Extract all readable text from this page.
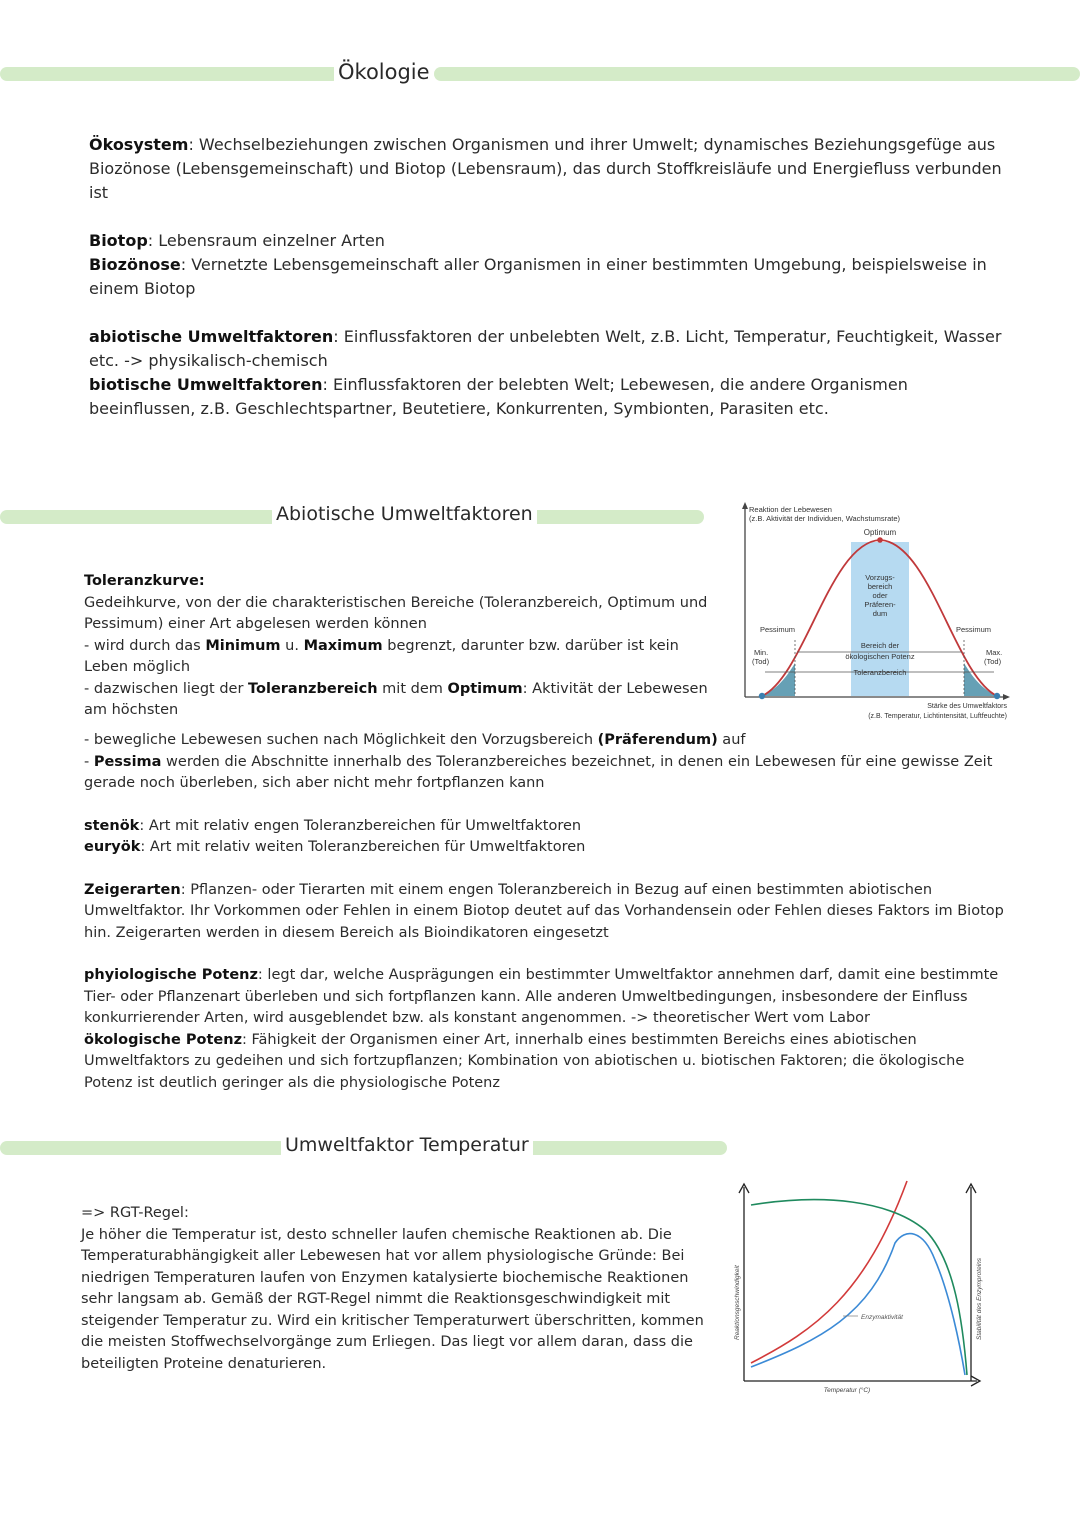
Ökologie

Ökosystem: Wechselbeziehungen zwischen Organismen und ihrer Umwelt; dynamisches Beziehungsgefüge aus Biozönose (Lebensgemeinschaft) und Biotop (Lebensraum), das durch Stoffkreisläufe und Energiefluss verbunden ist

Biotop: Lebensraum einzelner Arten

Biozönose: Vernetzte Lebensgemeinschaft aller Organismen in einer bestimmten Umgebung, beispielsweise in einem Biotop

abiotische Umweltfaktoren: Einflussfaktoren der unbelebten Welt, z.B. Licht, Temperatur, Feuchtigkeit, Wasser etc. -> physikalisch-chemisch

biotische Umweltfaktoren: Einflussfaktoren der belebten Welt; Lebewesen, die andere Organismen beeinflussen, z.B. Geschlechtspartner, Beutetiere, Konkurrenten, Symbionten, Parasiten etc.

Abiotische Umweltfaktoren

Toleranzkurve:

Gedeihkurve, von der die charakteristischen Bereiche (Toleranzbereich, Optimum und Pessimum) einer Art abgelesen werden können

- wird durch das Minimum u. Maximum begrenzt, darunter bzw. darüber ist kein Leben möglich

- dazwischen liegt der Toleranzbereich mit dem Optimum: Aktivität der Lebewesen am höchsten

- bewegliche Lebewesen suchen nach Möglichkeit den Vorzugsbereich (Präferendum) auf

- Pessima werden die Abschnitte innerhalb des Toleranzbereiches bezeichnet, in denen ein Lebewesen für eine gewisse Zeit gerade noch überleben, sich aber nicht mehr fortpflanzen kann

stenök: Art mit relativ engen Toleranzbereichen für Umweltfaktoren

euryök: Art mit relativ weiten Toleranzbereichen für Umweltfaktoren

Zeigerarten: Pflanzen- oder Tierarten mit einem engen Toleranzbereich in Bezug auf einen bestimmten abiotischen Umweltfaktor. Ihr Vorkommen oder Fehlen in einem Biotop deutet auf das Vorhandensein oder Fehlen dieses Faktors im Biotop hin. Zeigerarten werden in diesem Bereich als Bioindikatoren eingesetzt

phyiologische Potenz: legt dar, welche Ausprägungen ein bestimmter Umweltfaktor annehmen darf, damit eine bestimmte Tier- oder Pflanzenart überleben und sich fortpflanzen kann. Alle anderen Umweltbedingungen, insbesondere der Einfluss konkurrierender Arten, wird ausgeblendet bzw. als konstant angenommen. -> theoretischer Wert vom Labor

ökologische Potenz: Fähigkeit der Organismen einer Art, innerhalb eines bestimmten Bereichs eines abiotischen Umweltfaktors zu gedeihen und sich fortzupflanzen; Kombination von abiotischen u. biotischen Faktoren; die ökologische Potenz ist deutlich geringer als die physiologische Potenz

Reaktion der Lebewesen
(z.B. Aktivität der Individuen, Wachstumsrate)
Optimum
Vorzugs-
bereich
oder
Präferen-
dum
Pessimum	Pessimum
Min.
(Tod)
Max.
(Tod)
Bereich der
ökologischen Potenz
Toleranzbereich
Stärke des Umweltfaktors
(z.B. Temperatur, Lichtintensität, Luftfeuchte)
Umweltfaktor Temperatur

=> RGT-Regel:

Je höher die Temperatur ist, desto schneller laufen chemische Reaktionen ab. Die Temperaturabhängigkeit aller Lebewesen hat vor allem physiologische Gründe: Bei niedrigen Temperaturen laufen von Enzymen katalysierte biochemische Reaktionen sehr langsam ab. Gemäß der RGT-Regel nimmt die Reaktionsgeschwindigkeit mit steigender Temperatur zu. Wird ein kritischer Temperaturwert überschritten, kommen die meisten Stoffwechselvorgänge zum Erliegen. Das liegt vor allem daran, dass die beteiligten Proteine denaturieren.

Enzymaktivität
Reaktionsgeschwindigkeit	Stabilität des Enzymproteins
Temperatur (°C)
